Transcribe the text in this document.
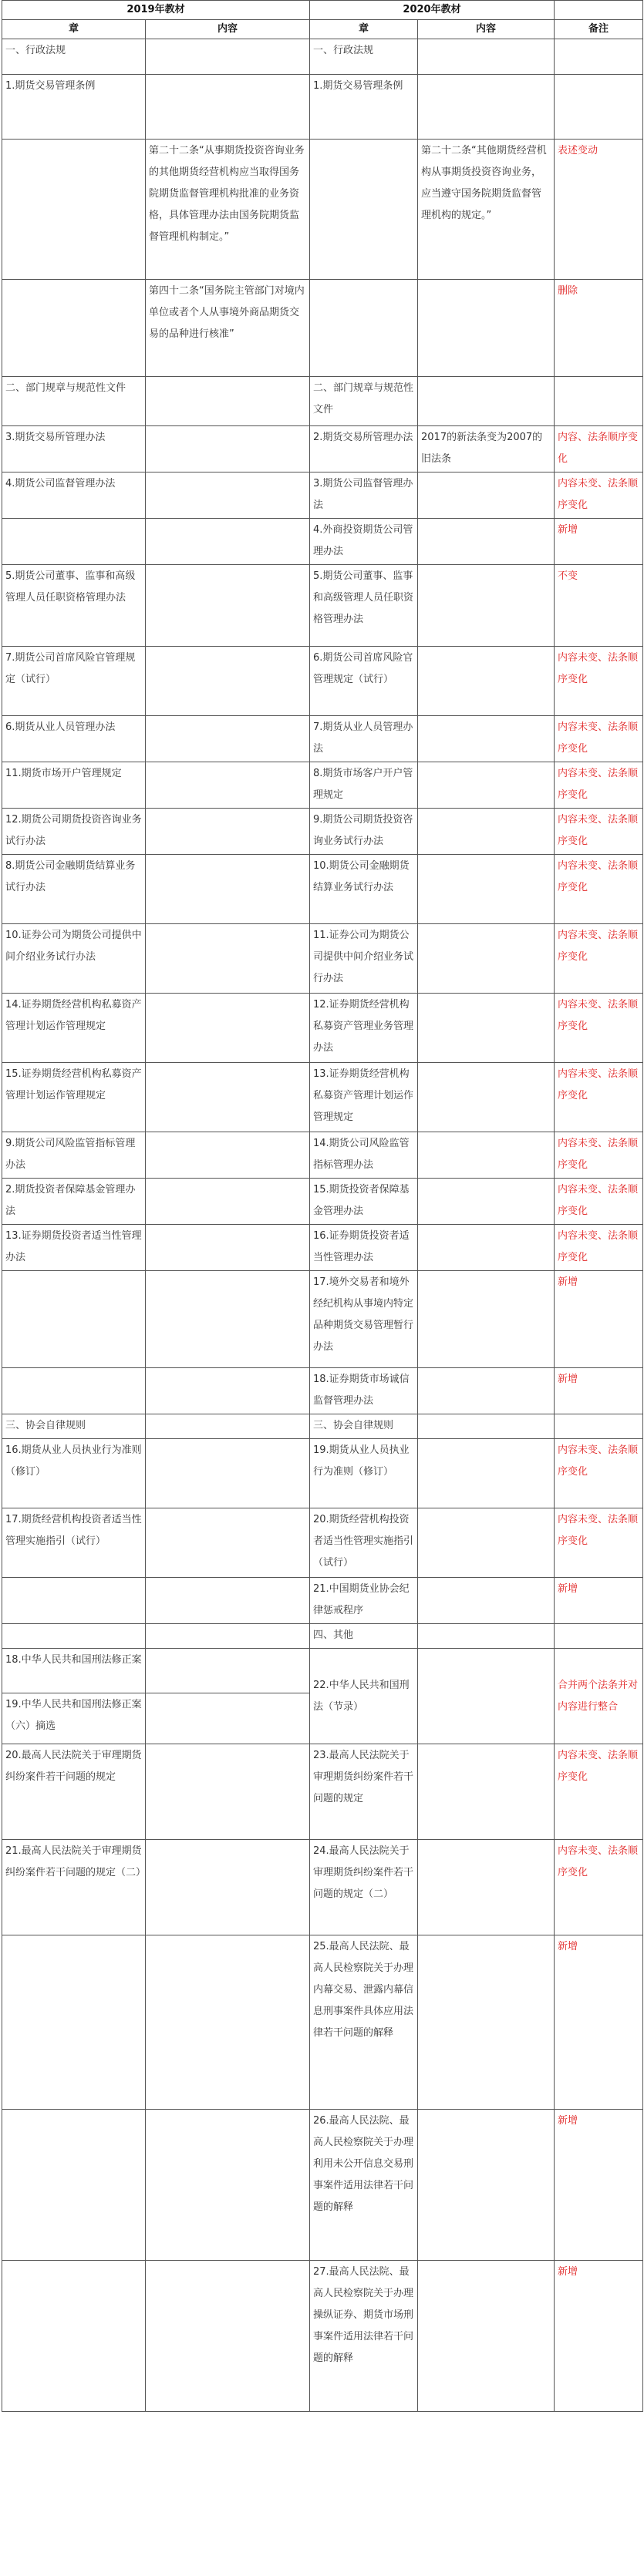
2019年教材		2020年教材		
章	内容	章	内容	备注
一、行政法规		一、行政法规		
1.期货交易管理条例		1.期货交易管理条例		
	第二十二条“从事期货投资咨询业务的其他期货经营机构应当取得国务院期货监督管理机构批准的业务资格，具体管理办法由国务院期货监督管理机构制定。”		第二十二条“其他期货经营机构从事期货投资咨询业务，应当遵守国务院期货监督管理机构的规定。”	表述变动
	第四十二条“国务院主管部门对境内单位或者个人从事境外商品期货交易的品种进行核准”			删除
二、部门规章与规范性文件		二、部门规章与规范性文件		
3.期货交易所管理办法		2.期货交易所管理办法	2017的新法条变为2007的旧法条	内容、法条顺序变化
4.期货公司监督管理办法		3.期货公司监督管理办法		内容未变、法条顺序变化
		4.外商投资期货公司管理办法		新增
5.期货公司董事、监事和高级管理人员任职资格管理办法		5.期货公司董事、监事和高级管理人员任职资格管理办法		不变
7.期货公司首席风险官管理规定（试行）		6.期货公司首席风险官管理规定（试行）		内容未变、法条顺序变化
6.期货从业人员管理办法		7.期货从业人员管理办法		内容未变、法条顺序变化
11.期货市场开户管理规定		8.期货市场客户开户管理规定		内容未变、法条顺序变化
12.期货公司期货投资咨询业务试行办法		9.期货公司期货投资咨询业务试行办法		内容未变、法条顺序变化
8.期货公司金融期货结算业务试行办法		10.期货公司金融期货结算业务试行办法		内容未变、法条顺序变化
10.证券公司为期货公司提供中间介绍业务试行办法		11.证券公司为期货公司提供中间介绍业务试行办法		内容未变、法条顺序变化
14.证券期货经营机构私募资产管理计划运作管理规定		12.证券期货经营机构私募资产管理业务管理办法		内容未变、法条顺序变化
15.证券期货经营机构私募资产管理计划运作管理规定		13.证券期货经营机构私募资产管理计划运作管理规定		内容未变、法条顺序变化
9.期货公司风险监管指标管理办法		14.期货公司风险监管指标管理办法		内容未变、法条顺序变化
2.期货投资者保障基金管理办法		15.期货投资者保障基金管理办法		内容未变、法条顺序变化
13.证券期货投资者适当性管理办法		16.证券期货投资者适当性管理办法		内容未变、法条顺序变化
		17.境外交易者和境外经纪机构从事境内特定品种期货交易管理暂行办法		新增
		18.证券期货市场诚信监督管理办法		新增
三、协会自律规则		三、协会自律规则		
16.期货从业人员执业行为准则（修订）		19.期货从业人员执业行为准则（修订）		内容未变、法条顺序变化
17.期货经营机构投资者适当性管理实施指引（试行）		20.期货经营机构投资者适当性管理实施指引（试行）		内容未变、法条顺序变化
		21.中国期货业协会纪律惩戒程序		新增
		四、其他		
18.中华人民共和国刑法修正案		22.中华人民共和国刑法（节录）		合并两个法条并对内容进行整合
19.中华人民共和国刑法修正案（六）摘选				
20.最高人民法院关于审理期货纠纷案件若干问题的规定		23.最高人民法院关于审理期货纠纷案件若干问题的规定		内容未变、法条顺序变化
21.最高人民法院关于审理期货纠纷案件若干问题的规定（二）		24.最高人民法院关于审理期货纠纷案件若干问题的规定（二）		内容未变、法条顺序变化
		25.最高人民法院、最高人民检察院关于办理内幕交易、泄露内幕信息刑事案件具体应用法律若干问题的解释		新增
		26.最高人民法院、最高人民检察院关于办理利用未公开信息交易刑事案件适用法律若干问题的解释		新增
		27.最高人民法院、最高人民检察院关于办理操纵证券、期货市场刑事案件适用法律若干问题的解释		新增
